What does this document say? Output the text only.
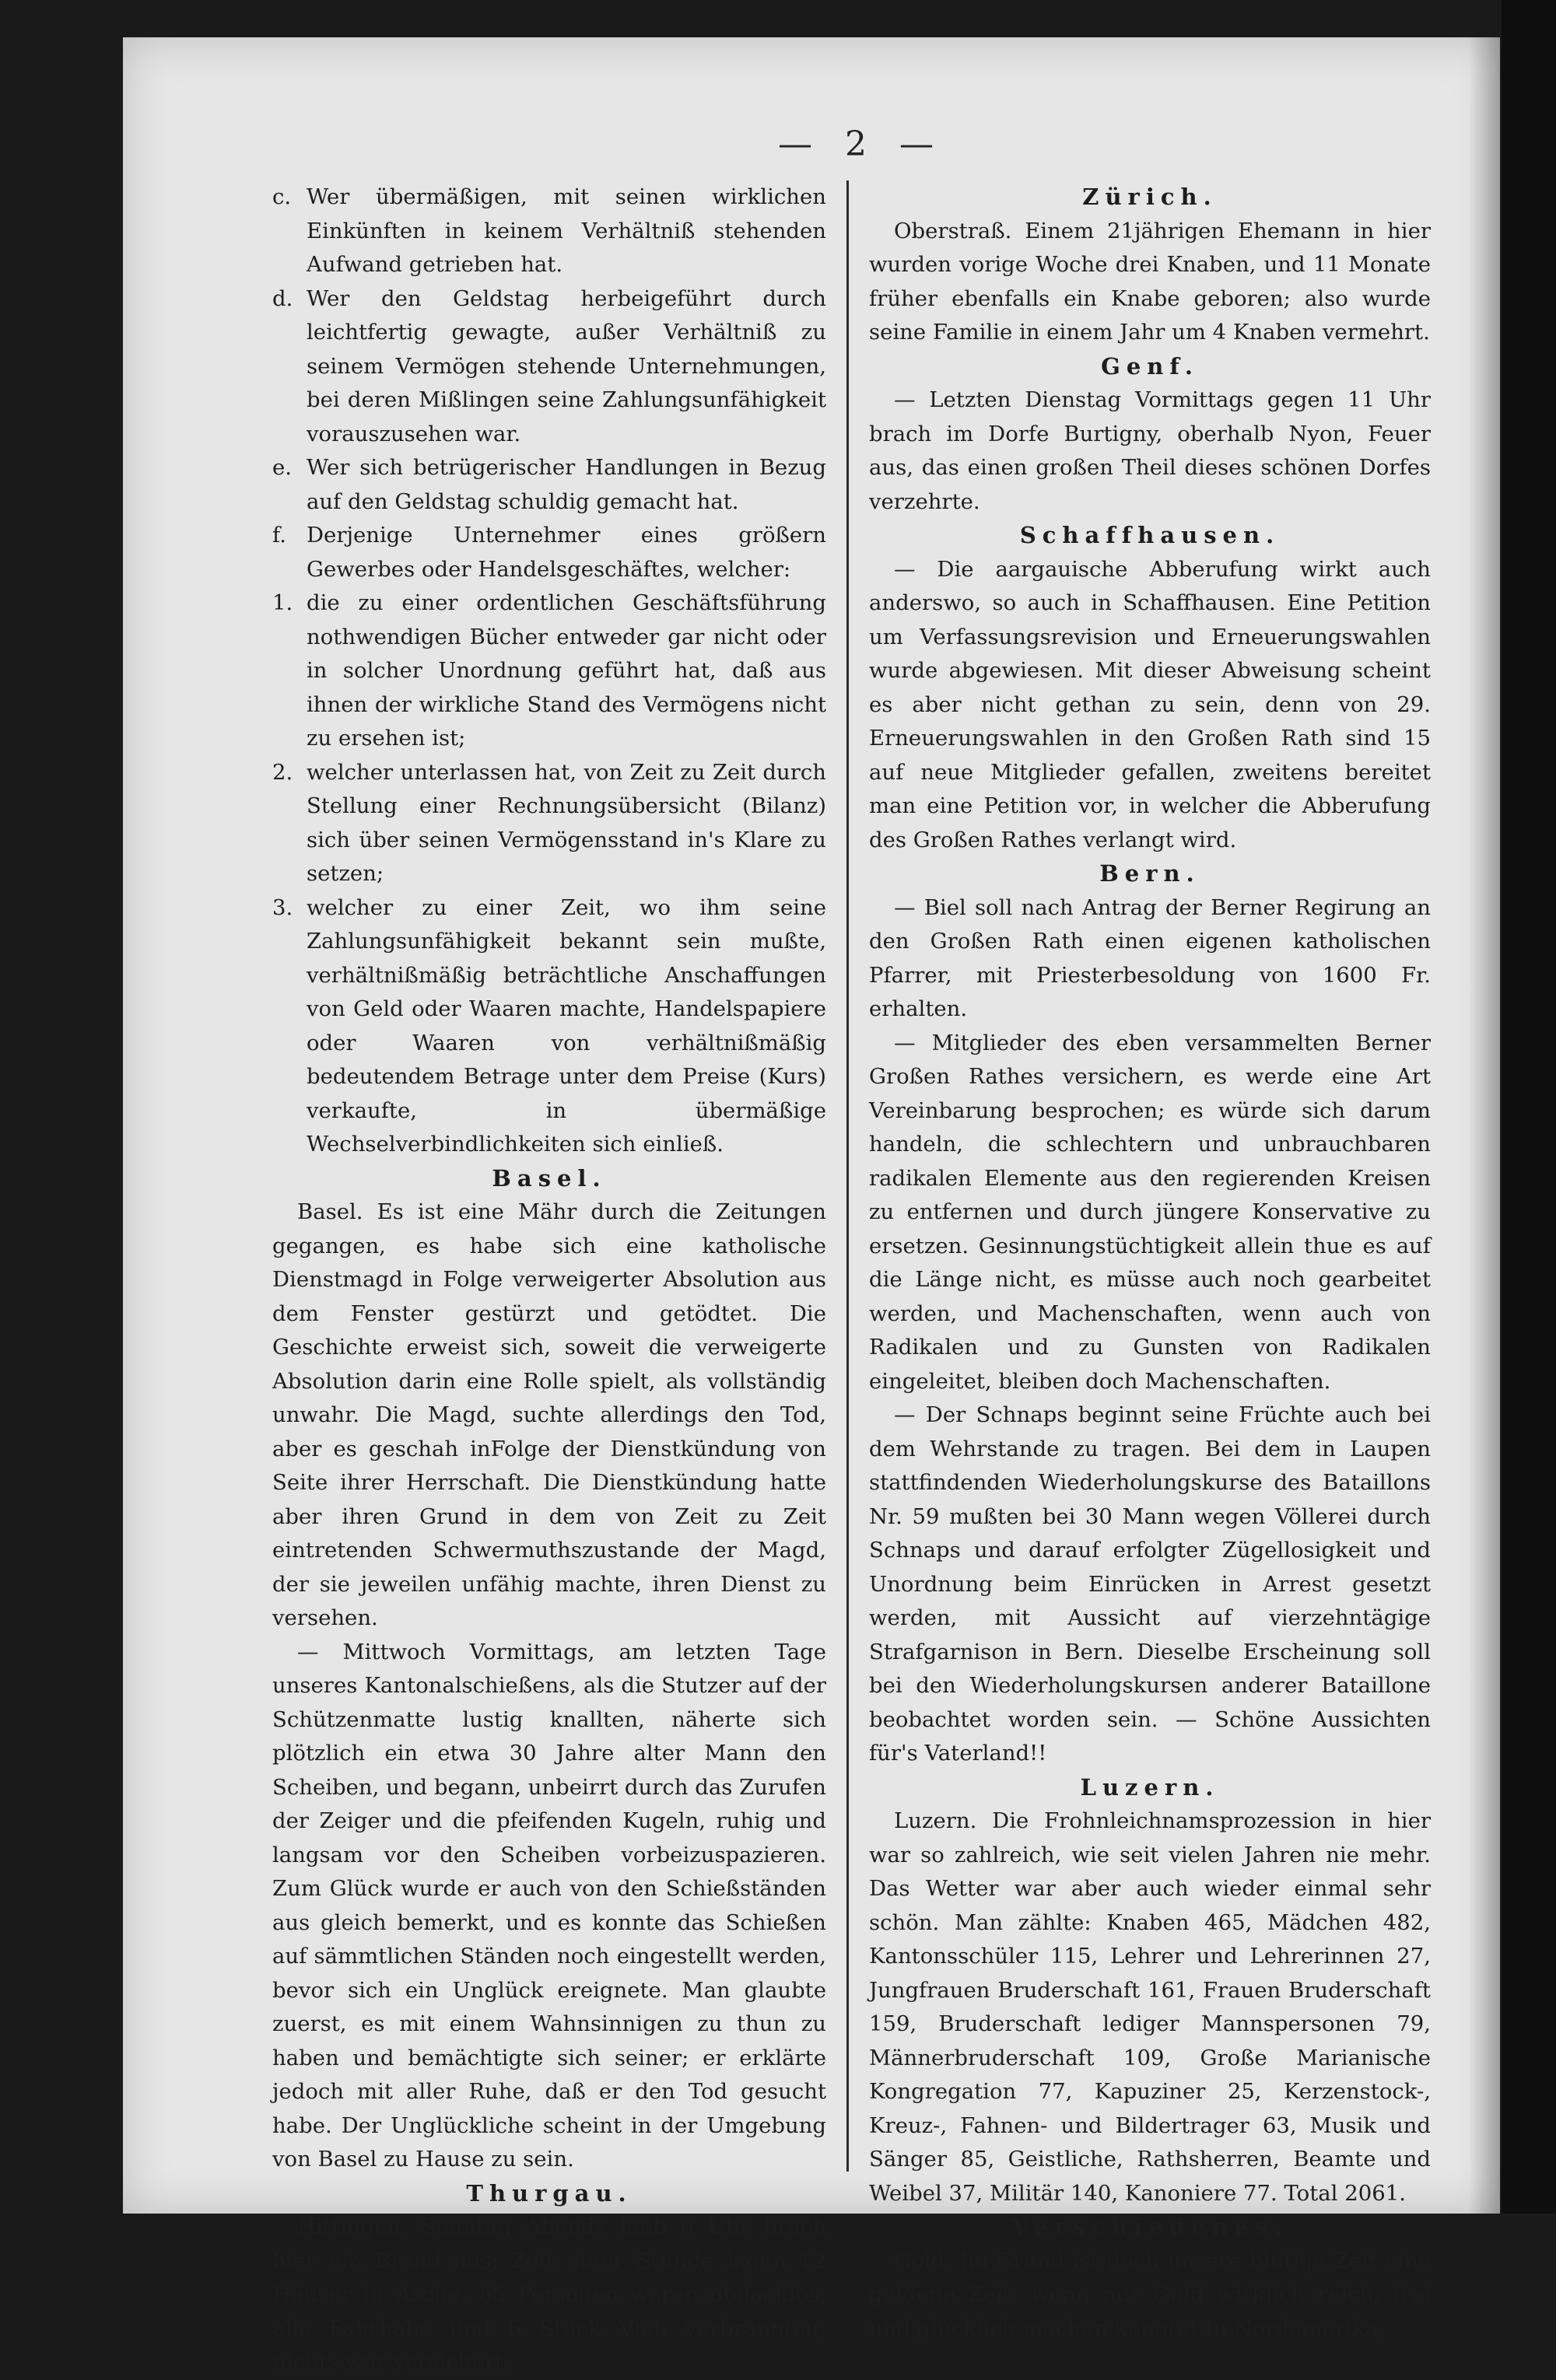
— 2 —
c. Wer übermäßigen, mit seinen wirklichen Einkünften in keinem Verhältniß stehenden Aufwand getrieben hat.
d. Wer den Geldstag herbeigeführt durch leichtfertig gewagte, außer Verhältniß zu seinem Vermögen stehende Unternehmungen, bei deren Mißlingen seine Zahlungsunfähigkeit vorauszusehen war.
e. Wer sich betrügerischer Handlungen in Bezug auf den Geldstag schuldig gemacht hat.
f. Derjenige Unternehmer eines größern Gewerbes oder Handelsgeschäftes, welcher:
1. die zu einer ordentlichen Geschäftsführung nothwendigen Bücher entweder gar nicht oder in solcher Unordnung geführt hat, daß aus ihnen der wirkliche Stand des Vermögens nicht zu ersehen ist;
2. welcher unterlassen hat, von Zeit zu Zeit durch Stellung einer Rechnungsübersicht (Bilanz) sich über seinen Vermögensstand in's Klare zu setzen;
3. welcher zu einer Zeit, wo ihm seine Zahlungsunfähigkeit bekannt sein mußte, verhältnißmäßig beträchtliche Anschaffungen von Geld oder Waaren machte, Handelspapiere oder Waaren von verhältnißmäßig bedeutendem Betrage unter dem Preise (Kurs) verkaufte, in übermäßige Wechselverbindlichkeiten sich einließ.

Basel.

Basel. Es ist eine Mähr durch die Zeitungen gegangen, es habe sich eine katholische Dienstmagd in Folge verweigerter Absolution aus dem Fenster gestürzt und getödtet. Die Geschichte erweist sich, soweit die verweigerte Absolution darin eine Rolle spielt, als vollständig unwahr. Die Magd, suchte allerdings den Tod, aber es geschah inFolge der Dienstkündung von Seite ihrer Herrschaft. Die Dienstkündung hatte aber ihren Grund in dem von Zeit zu Zeit eintretenden Schwermuthszustande der Magd, der sie jeweilen unfähig machte, ihren Dienst zu versehen.

— Mittwoch Vormittags, am letzten Tage unseres Kantonalschießens, als die Stutzer auf der Schützenmatte lustig knallten, näherte sich plötzlich ein etwa 30 Jahre alter Mann den Scheiben, und begann, unbeirrt durch das Zurufen der Zeiger und die pfeifenden Kugeln, ruhig und langsam vor den Scheiben vorbeizuspazieren. Zum Glück wurde er auch von den Schießständen aus gleich bemerkt, und es konnte das Schießen auf sämmtlichen Ständen noch eingestellt werden, bevor sich ein Unglück ereignete. Man glaubte zuerst, es mit einem Wahnsinnigen zu thun zu haben und bemächtigte sich seiner; er erklärte jedoch mit aller Ruhe, daß er den Tod gesucht habe. Der Unglückliche scheint in der Umgebung von Basel zu Hause zu sein.

Thurgau.

Hittingen. Sonntag Abends halb 6 Uhr brach hier ein Brand aus; Zeit einer Stunde lagen 12 Häuser in Asche, 65 Personen waren obdachlos, alle Fahrhabe und 6 Stück Vieh verbrannten; nichts war versichert.

Zürich.

Oberstraß. Einem 21jährigen Ehemann in hier wurden vorige Woche drei Knaben, und 11 Monate früher ebenfalls ein Knabe geboren; also wurde seine Familie in einem Jahr um 4 Knaben vermehrt.

Genf.

— Letzten Dienstag Vormittags gegen 11 Uhr brach im Dorfe Burtigny, oberhalb Nyon, Feuer aus, das einen großen Theil dieses schönen Dorfes verzehrte.

Schaffhausen.

— Die aargauische Abberufung wirkt auch anderswo, so auch in Schaffhausen. Eine Petition um Verfassungsrevision und Erneuerungswahlen wurde abgewiesen. Mit dieser Abweisung scheint es aber nicht gethan zu sein, denn von 29. Erneuerungswahlen in den Großen Rath sind 15 auf neue Mitglieder gefallen, zweitens bereitet man eine Petition vor, in welcher die Abberufung des Großen Rathes verlangt wird.

Bern.

— Biel soll nach Antrag der Berner Regirung an den Großen Rath einen eigenen katholischen Pfarrer, mit Priesterbesoldung von 1600 Fr. erhalten.

— Mitglieder des eben versammelten Berner Großen Rathes versichern, es werde eine Art Vereinbarung besprochen; es würde sich darum handeln, die schlechtern und unbrauchbaren radikalen Elemente aus den regierenden Kreisen zu entfernen und durch jüngere Konservative zu ersetzen. Gesinnungstüchtigkeit allein thue es auf die Länge nicht, es müsse auch noch gearbeitet werden, und Machenschaften, wenn auch von Radikalen und zu Gunsten von Radikalen eingeleitet, bleiben doch Machenschaften.

— Der Schnaps beginnt seine Früchte auch bei dem Wehrstande zu tragen. Bei dem in Laupen stattfindenden Wiederholungskurse des Bataillons Nr. 59 mußten bei 30 Mann wegen Völlerei durch Schnaps und darauf erfolgter Zügellosigkeit und Unordnung beim Einrücken in Arrest gesetzt werden, mit Aussicht auf vierzehntägige Strafgarnison in Bern. Dieselbe Erscheinung soll bei den Wiederholungskursen anderer Bataillone beobachtet worden sein. — Schöne Aussichten für's Vaterland!!

Luzern.

Luzern. Die Frohnleichnamsprozession in hier war so zahlreich, wie seit vielen Jahren nie mehr. Das Wetter war aber auch wieder einmal sehr schön. Man zählte: Knaben 465, Mädchen 482, Kantonsschüler 115, Lehrer und Lehrerinnen 27, Jungfrauen Bruderschaft 161, Frauen Bruderschaft 159, Bruderschaft lediger Mannspersonen 79, Männerbruderschaft 109, Große Marianische Kongregation 77, Kapuziner 25, Kerzenstock-, Kreuz-, Fahnen- und Bildertrager 63, Musik und Sänger 85, Geistliche, Rathsherren, Beamte und Weibel 37, Militär 140, Kanoniere 77. Total 2061.

Verschiedenes.

Gold. Im Grund ist doch unsere blutige Zeit eine goldene Zeit, wenn nur Gold wirklich reich, frei und glücklich machen könnte! In Nordamerika,
